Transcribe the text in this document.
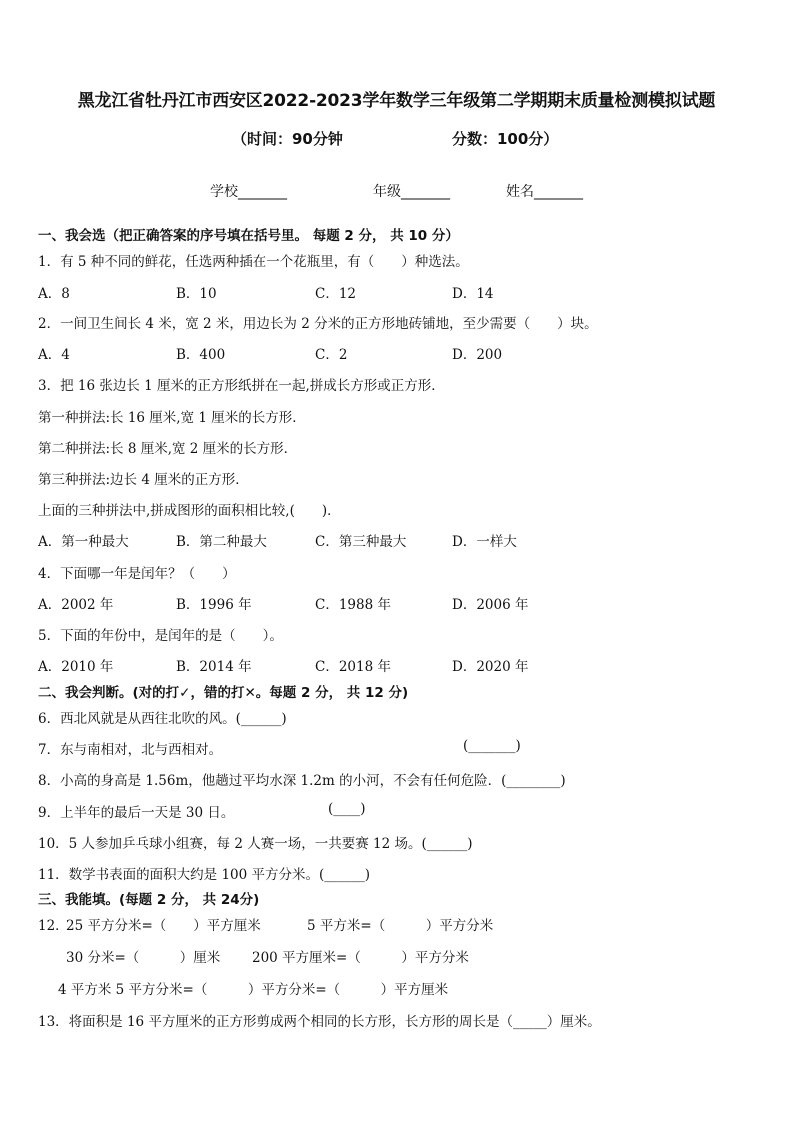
黑龙江省牡丹江市西安区2022-2023学年数学三年级第二学期期末质量检测模拟试题
（时间：90分钟	分数：100分）
学校_______	年级_______	姓名_______
一、我会选（把正确答案的序号填在括号里。 每题 2 分， 共 10 分）
1．有 5 种不同的鲜花，任选两种插在一个花瓶里，有（　　）种选法。
A．8	B．10	C．12	D．14
2．一间卫生间长 4 米，宽 2 米，用边长为 2 分米的正方形地砖铺地，至少需要（　　）块。
A．4	B．400	C．2	D．200
3．把 16 张边长 1 厘米的正方形纸拼在一起,拼成长方形或正方形．
第一种拼法:长 16 厘米,宽 1 厘米的长方形．
第二种拼法:长 8 厘米,宽 2 厘米的长方形．
第三种拼法:边长 4 厘米的正方形．
上面的三种拼法中,拼成图形的面积相比较,(　　)．
A．第一种最大	B．第二种最大	C．第三种最大	D．一样大
4．下面哪一年是闰年？（　　）
A．2002 年	B．1996 年	C．1988 年	D．2006 年
5．下面的年份中，是闰年的是（　　）。
A．2010 年	B．2014 年	C．2018 年	D．2020 年
二、我会判断。(对的打✓，错的打✕。每题 2 分， 共 12 分)
6．西北风就是从西往北吹的风。(______)
7．东与南相对，北与西相对。	(_______)
8．小高的身高是 1.56m，他趟过平均水深 1.2m 的小河，不会有任何危险．(________)
9．上半年的最后一天是 30 日。	(____)
10．5 人参加乒乓球小组赛，每 2 人赛一场，一共要赛 12 场。(______)
11．数学书表面的面积大约是 100 平方分米。(______)
三、我能填。(每题 2 分， 共 24分)
12．
25 平方分米=（　　）平方厘米	5 平方米=（　　　）平方分米
30 分米=（　　　）厘米 200 平方厘米=（　　　）平方分米
4 平方米 5 平方分米=（　　　）平方分米=（　　　）平方厘米
13．将面积是 16 平方厘米的正方形剪成两个相同的长方形，长方形的周长是（_____）厘米。
